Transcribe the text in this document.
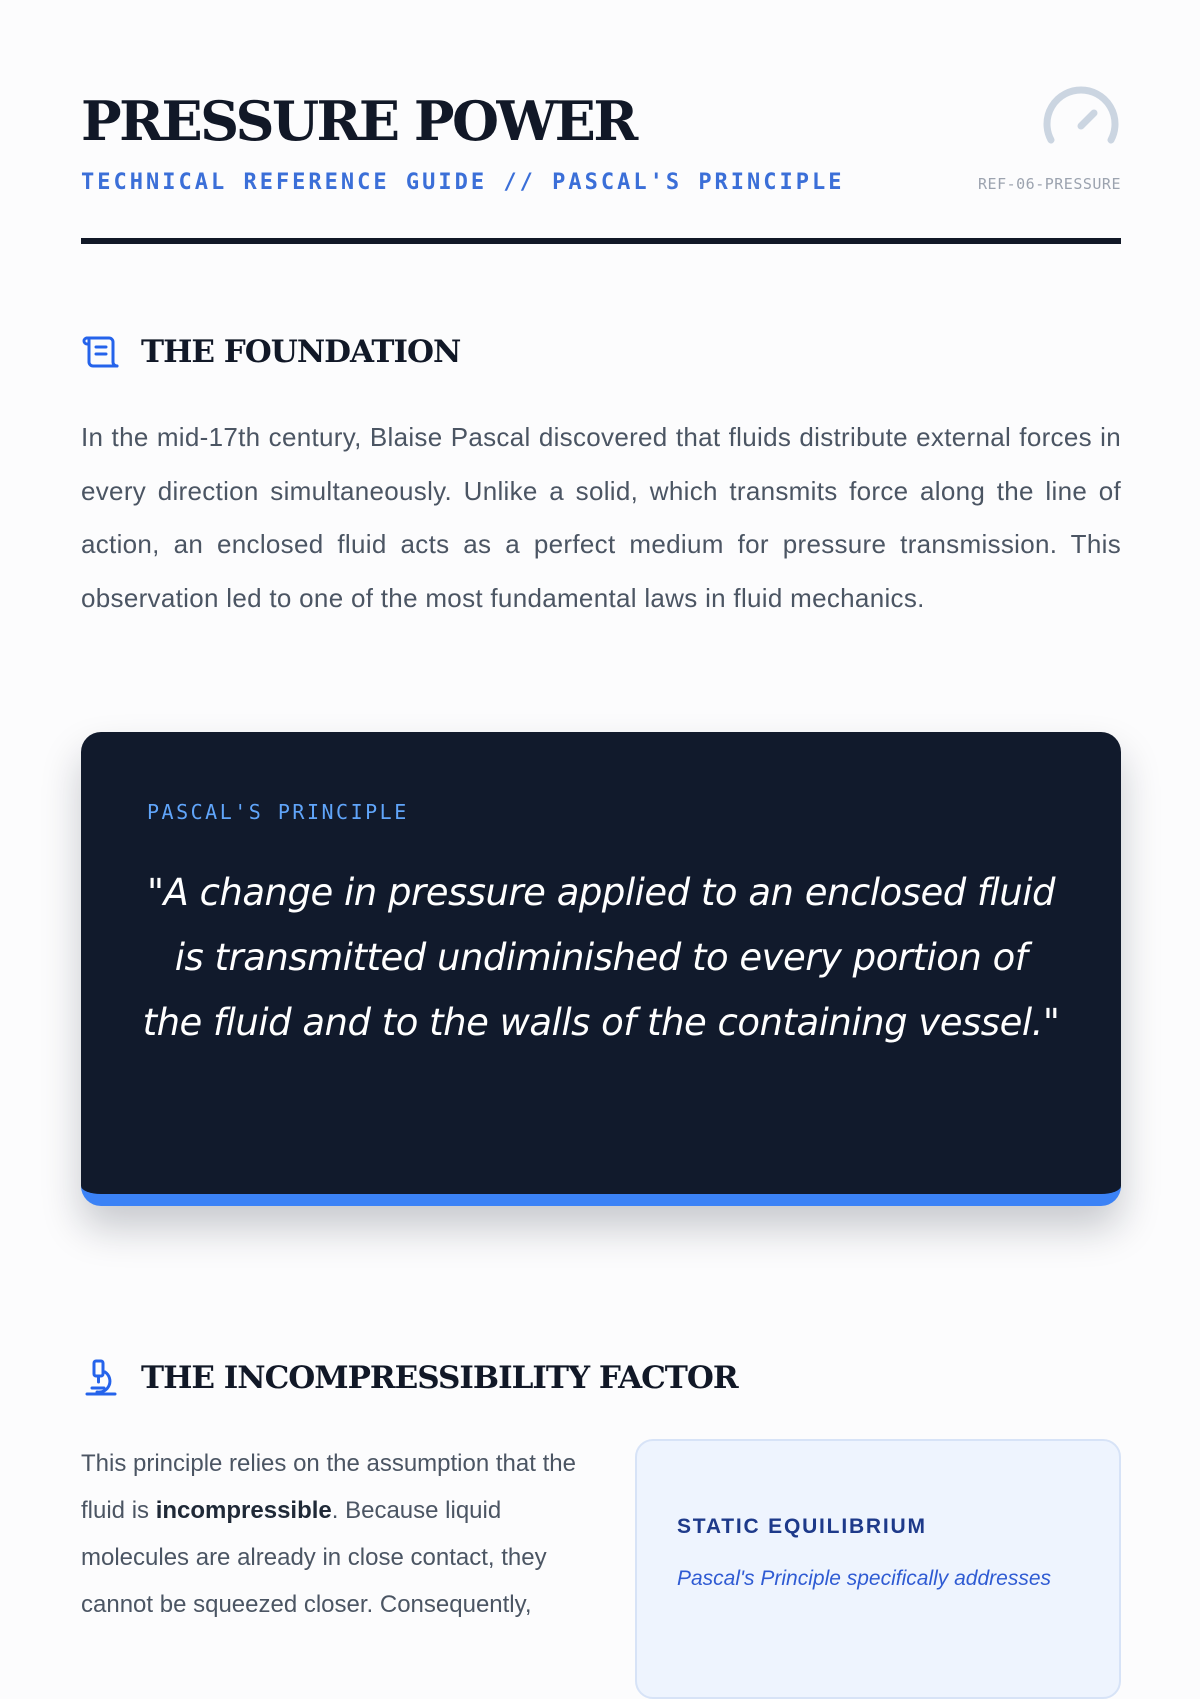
PRESSURE POWER
TECHNICAL REFERENCE GUIDE // PASCAL'S PRINCIPLE	REF-06-PRESSURE
THE FOUNDATION

In the mid-17th century, Blaise Pascal discovered that fluids distribute external forces in every direction simultaneously. Unlike a solid, which transmits force along the line of action, an enclosed fluid acts as a perfect medium for pressure transmission. This observation led to one of the most fundamental laws in fluid mechanics.

PASCAL'S PRINCIPLE

"A change in pressure applied to an enclosed fluid is transmitted undiminished to every portion of the fluid and to the walls of the containing vessel."

THE INCOMPRESSIBILITY FACTOR

This principle relies on the assumption that the fluid is incompressible. Because liquid molecules are already in close contact, they cannot be squeezed closer. Consequently,

STATIC EQUILIBRIUM

Pascal's Principle specifically addresses
